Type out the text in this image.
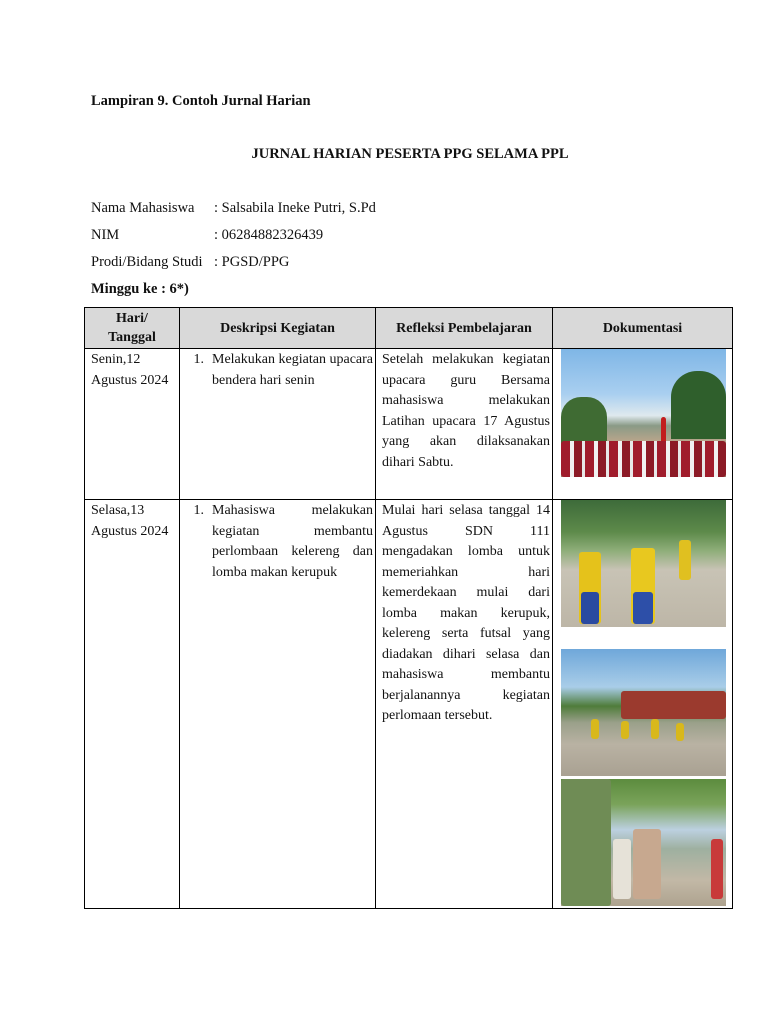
Lampiran 9. Contoh Jurnal Harian
JURNAL HARIAN PESERTA PPG SELAMA PPL
Nama Mahasiswa : Salsabila Ineke Putri, S.Pd
NIM	: 06284882326439
Prodi/Bidang Studi : PGSD/PPG
Minggu ke : 6*)
Hari/
Tanggal	Deskripsi Kegiatan	Refleksi Pembelajaran	Dokumentasi
Senin,12 Agustus 2024	1. Melakukan kegiatan upacara bendera hari senin	Setelah melakukan kegiatan upacara guru Bersama mahasiswa melakukan Latihan upacara 17 Agustus yang akan dilaksanakan dihari Sabtu.	

Selasa,13 Agustus 2024	1. Mahasiswa melakukan kegiatan membantu perlombaan kelereng dan lomba makan kerupuk	Mulai hari selasa tanggal 14 Agustus SDN 111 mengadakan lomba untuk memeriahkan hari kemerdekaan mulai dari lomba makan kerupuk, kelereng serta futsal yang diadakan dihari selasa dan mahasiswa membantu berjalanannya kegiatan perlomaan tersebut.	
